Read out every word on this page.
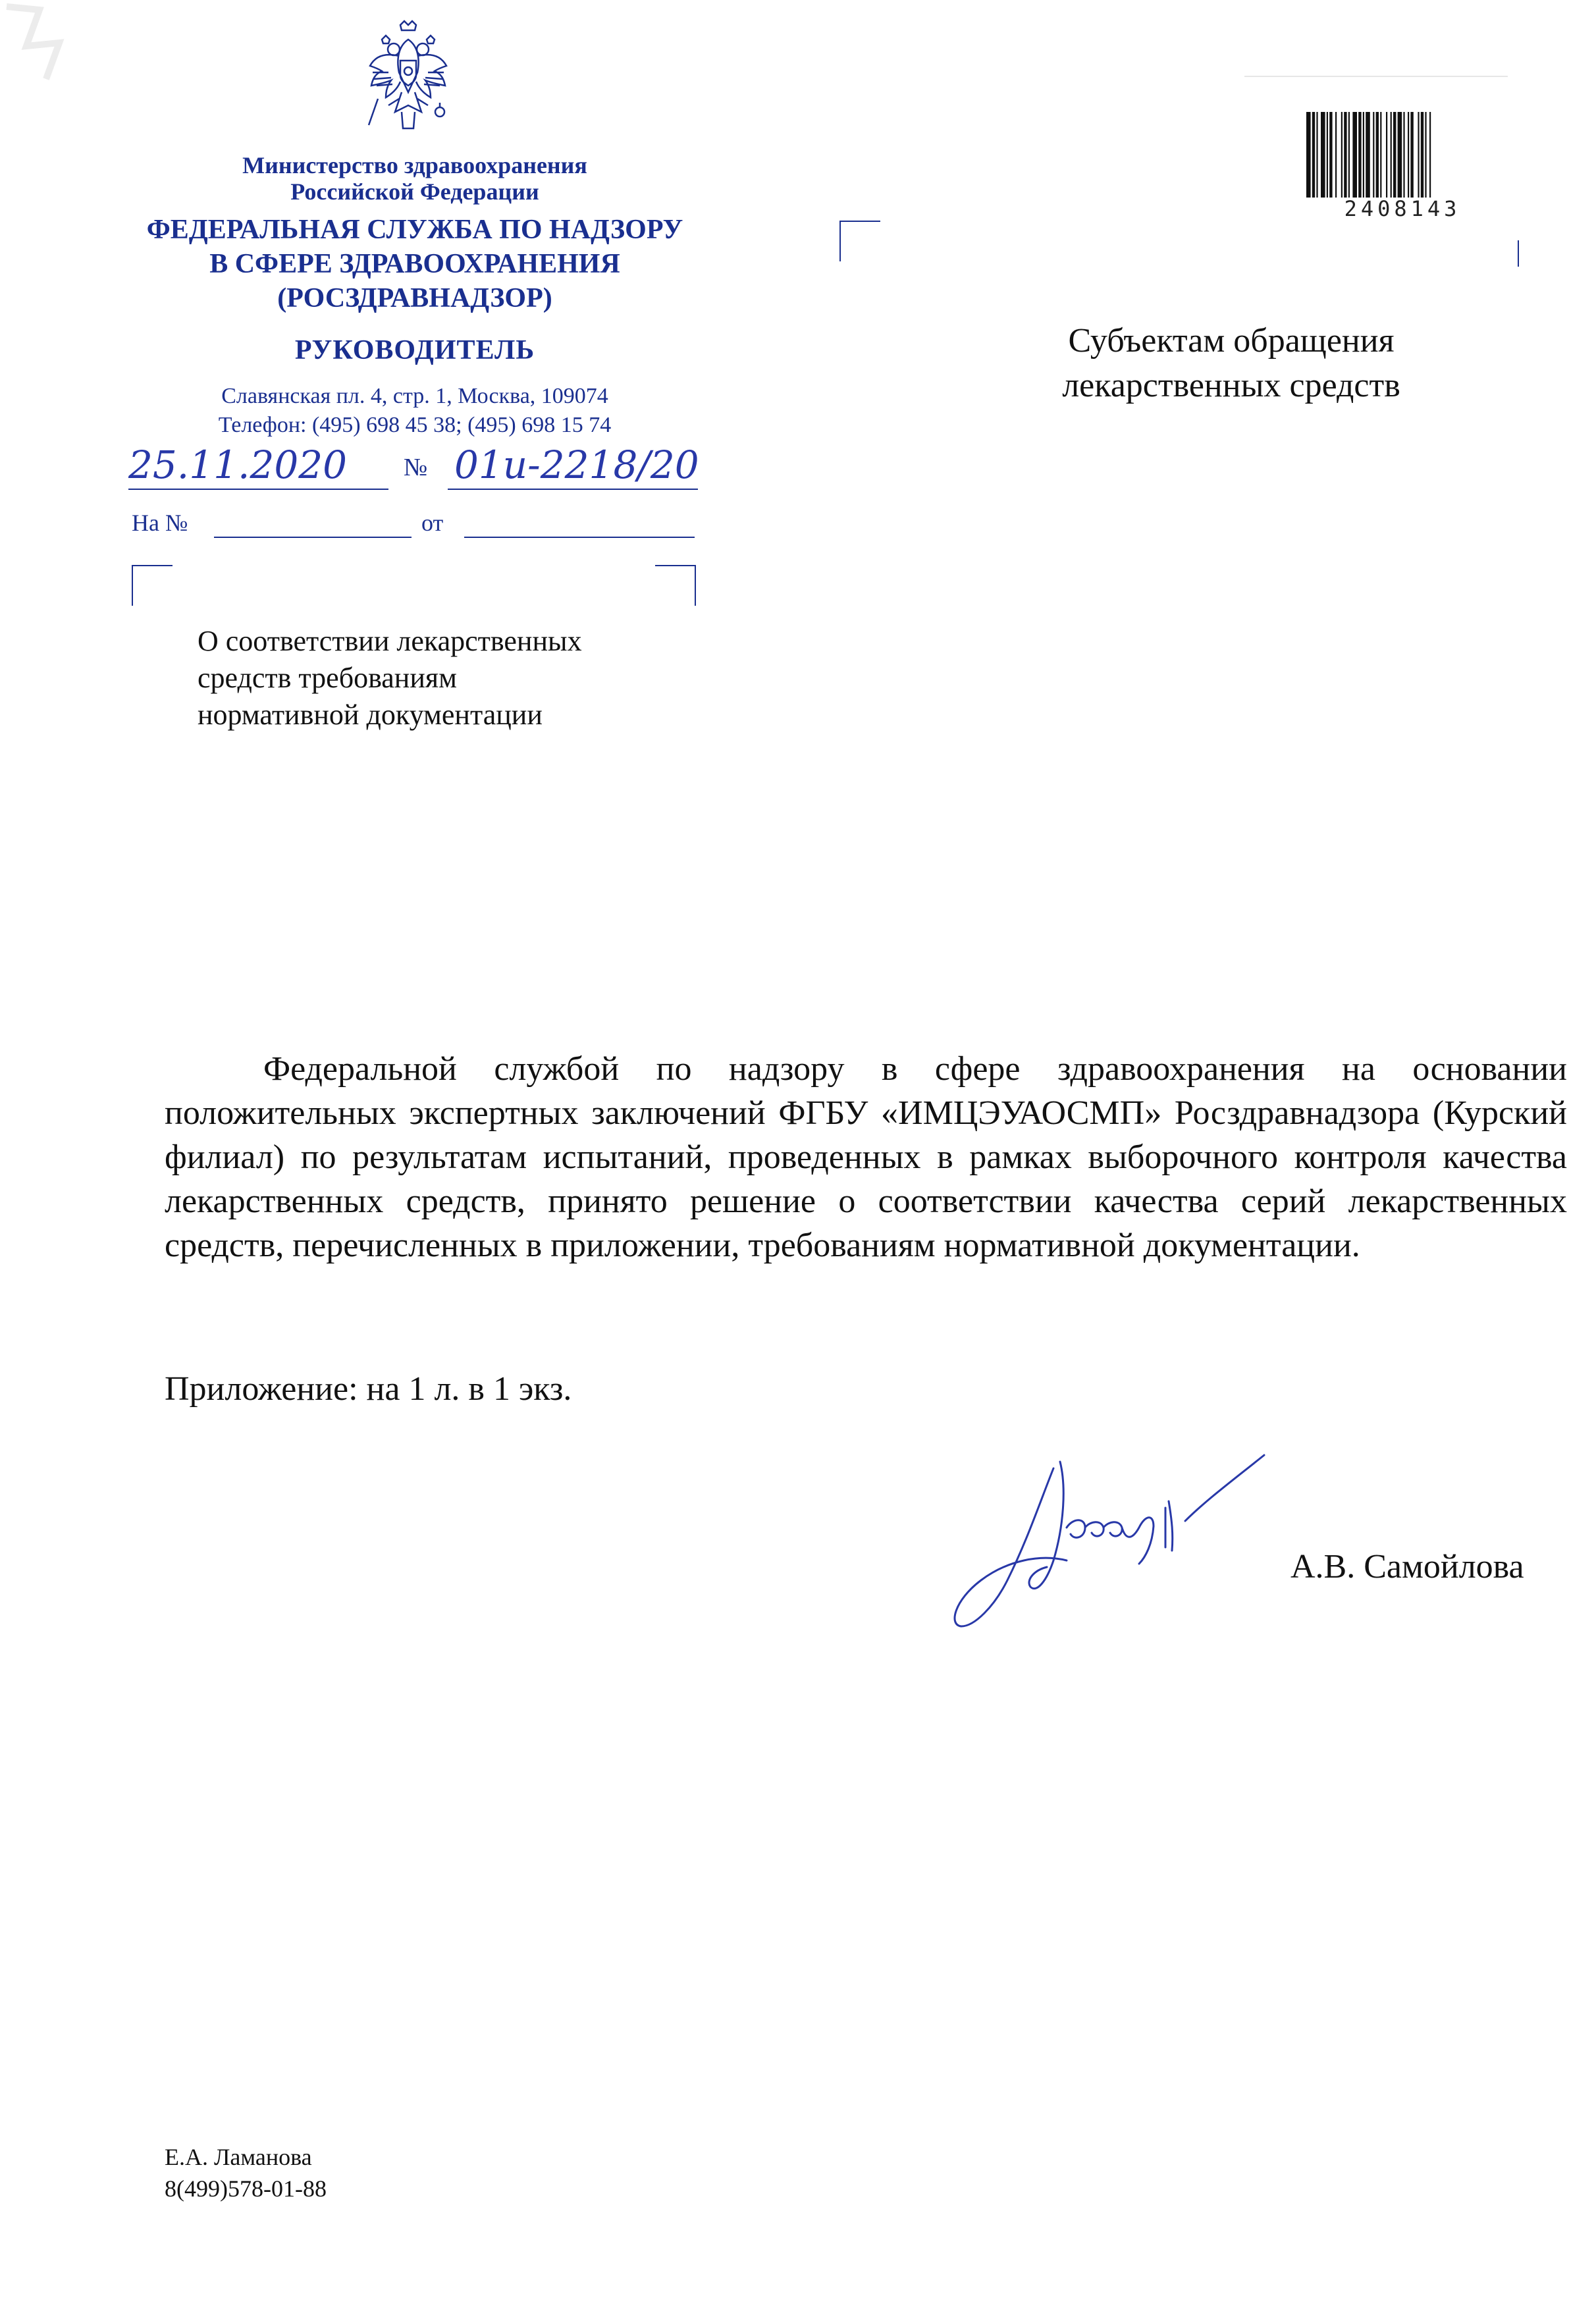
Министерство здравоохранения
Российской Федерации
ФЕДЕРАЛЬНАЯ СЛУЖБА ПО НАДЗОРУ
В СФЕРЕ ЗДРАВООХРАНЕНИЯ
(РОСЗДРАВНАДЗОР)
РУКОВОДИТЕЛЬ
Славянская пл. 4, стр. 1, Москва, 109074
Телефон: (495) 698 45 38; (495) 698 15 74
25.11.2020 № 01и-2218/20
На №	от
О соответствии лекарственных
средств требованиям
нормативной документации
Субъектам обращения
лекарственных средств
2408143
Федеральной службой по надзору в сфере здравоохранения на основании положительных экспертных заключений ФГБУ «ИМЦЭУАОСМП» Росздравнадзора (Курский филиал) по результатам испытаний, проведенных в рамках выборочного контроля качества лекарственных средств, принято решение о соответствии качества серий лекарственных средств, перечисленных в приложении, требованиям нормативной документации.
Приложение: на 1 л. в 1 экз.
А.В. Самойлова
Е.А. Ламанова
8(499)578-01-88
